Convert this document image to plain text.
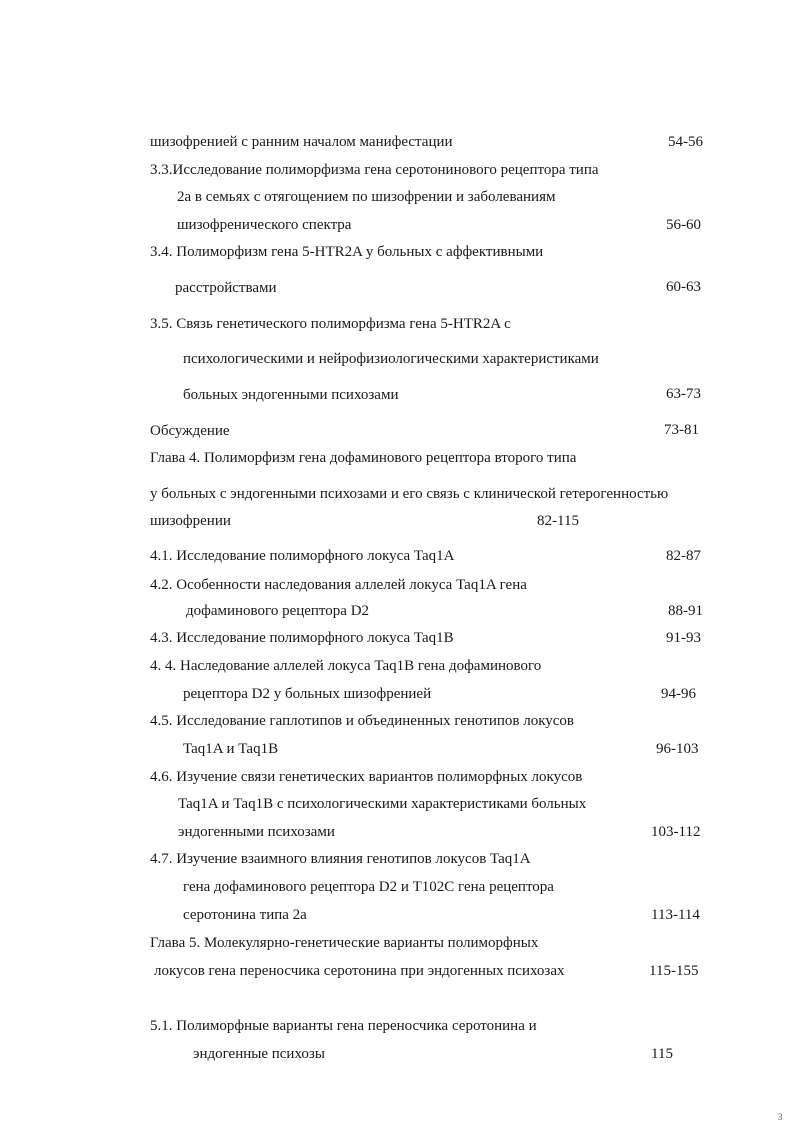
шизофренией с ранним началом манифестации	54-56
3.3.Исследование полиморфизма гена серотонинового рецептора типа
2а в семьях с отягощением по шизофрении и заболеваниям
шизофренического спектра	56-60
3.4. Полиморфизм гена 5-HTR2A у больных с аффективными
расстройствами	60-63
3.5. Связь генетического полиморфизма гена 5-HTR2A с
психологическими и нейрофизиологическими характеристиками
больных эндогенными психозами	63-73
Обсуждение	73-81
Глава 4. Полиморфизм гена дофаминового рецептора второго типа
у больных с эндогенными психозами и его связь с клинической гетерогенностью
шизофрении	82-115
4.1. Исследование полиморфного локуса Taq1A	82-87
4.2. Особенности наследования аллелей локуса Taq1A гена
дофаминового рецептора D2	88-91
4.3. Исследование полиморфного локуса Taq1B	91-93
4. 4. Наследование аллелей локуса Taq1B гена дофаминового
рецептора D2 у больных шизофренией	94-96
4.5. Исследование гаплотипов и объединенных генотипов локусов
Taq1A и Taq1B	96-103
4.6. Изучение связи генетических вариантов полиморфных локусов
Taq1A и Taq1B с психологическими характеристиками больных
эндогенными психозами	103-112
4.7. Изучение взаимного влияния генотипов локусов Taq1A
гена дофаминового рецептора D2 и T102C гена рецептора
серотонина типа 2а	113-114
Глава 5. Молекулярно-генетические варианты полиморфных
локусов гена переносчика серотонина при эндогенных психозах	115-155
5.1. Полиморфные варианты гена переносчика серотонина и
эндогенные психозы	115
3
